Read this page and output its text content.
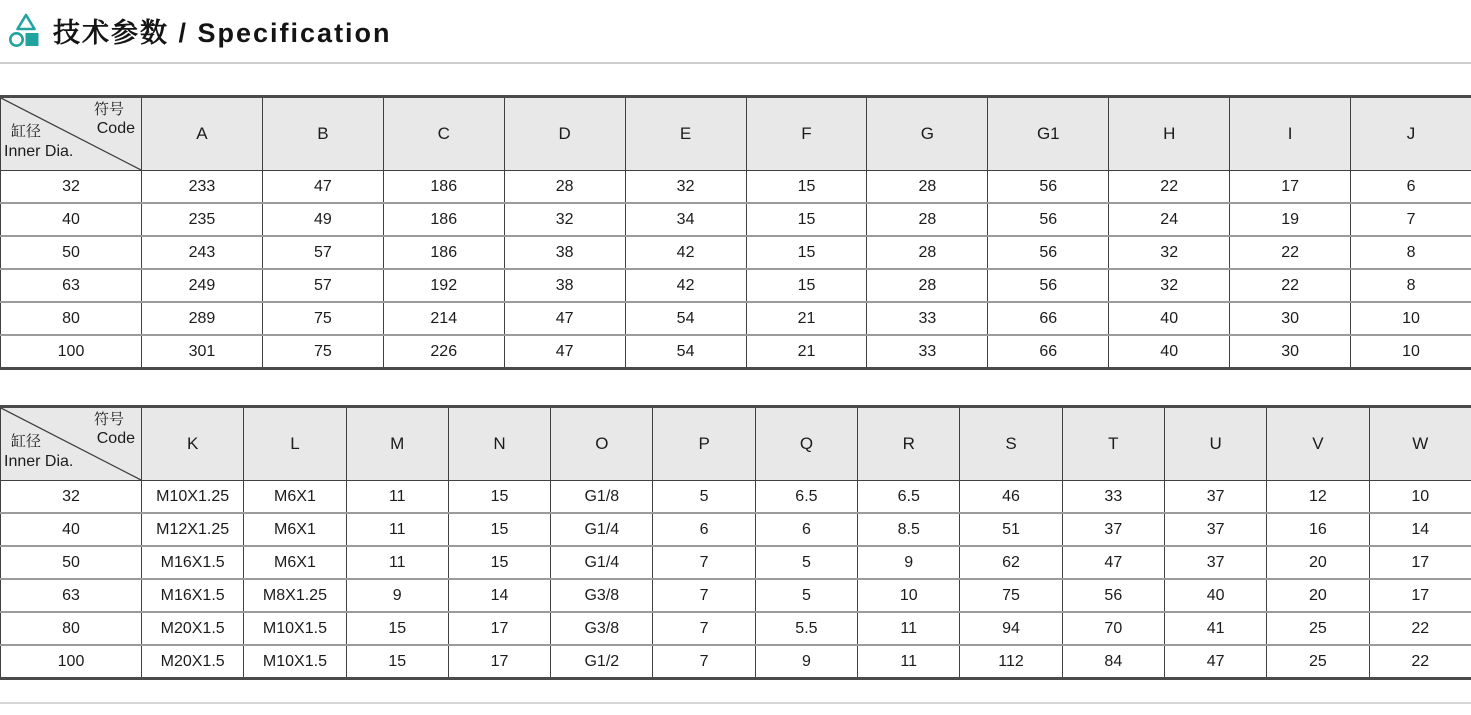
技术参数 / Specification
符号
Code
缸径
Inner Dia.	A	B	C	D	E	F	G	G1	H	I	J
32	233	47	186	28	32	15	28	56	22	17	6
40	235	49	186	32	34	15	28	56	24	19	7
50	243	57	186	38	42	15	28	56	32	22	8
63	249	57	192	38	42	15	28	56	32	22	8
80	289	75	214	47	54	21	33	66	40	30	10
100	301	75	226	47	54	21	33	66	40	30	10
符号
Code
缸径
Inner Dia.	K	L	M	N	O	P	Q	R	S	T	U	V	W
32	M10X1.25	M6X1	11	15	G1/8	5	6.5	6.5	46	33	37	12	10
40	M12X1.25	M6X1	11	15	G1/4	6	6	8.5	51	37	37	16	14
50	M16X1.5	M6X1	11	15	G1/4	7	5	9	62	47	37	20	17
63	M16X1.5	M8X1.25	9	14	G3/8	7	5	10	75	56	40	20	17
80	M20X1.5	M10X1.5	15	17	G3/8	7	5.5	11	94	70	41	25	22
100	M20X1.5	M10X1.5	15	17	G1/2	7	9	11	112	84	47	25	22
